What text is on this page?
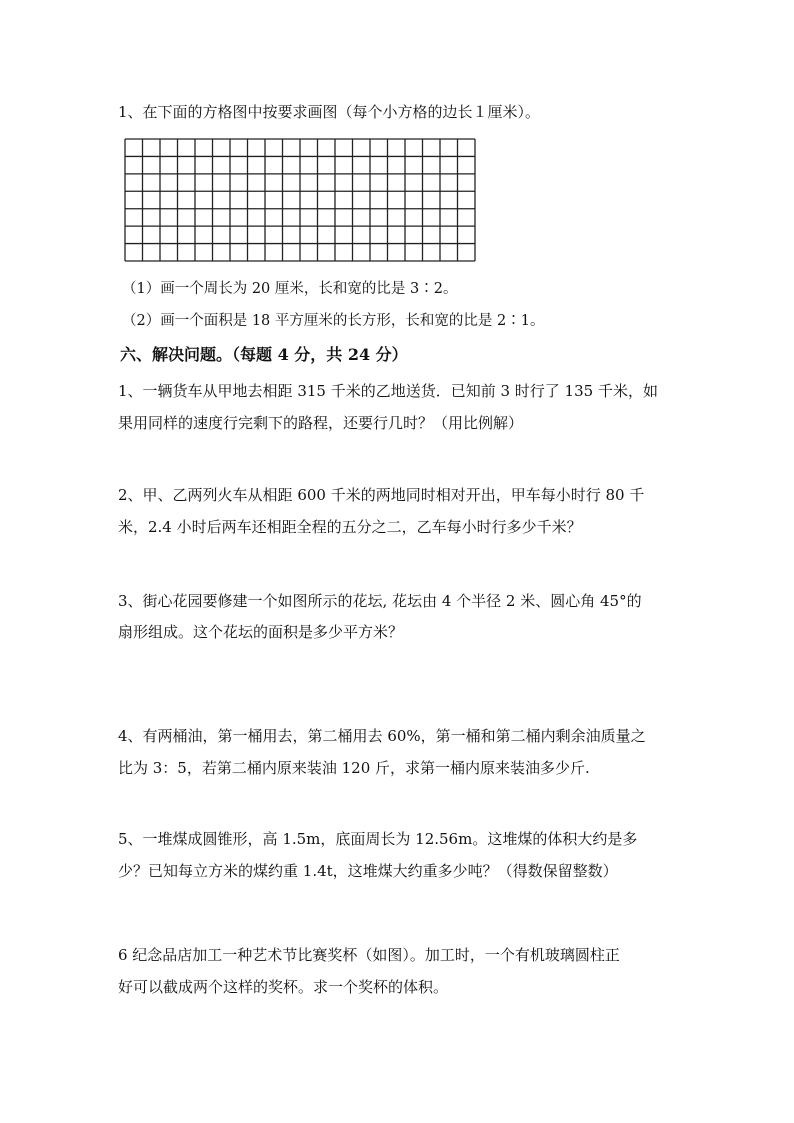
1、在下面的方格图中按要求画图（每个小方格的边长１厘米）。
（1）画一个周长为 20 厘米，长和宽的比是 3∶2。
（2）画一个面积是 18 平方厘米的长方形，长和宽的比是 2∶1。
六、解决问题。（每题 4 分，共 24 分）
1、一辆货车从甲地去相距 315 千米的乙地送货．已知前 3 时行了 135 千米，如
果用同样的速度行完剩下的路程，还要行几时？（用比例解）
2、甲、乙两列火车从相距 600 千米的两地同时相对开出，甲车每小时行 80 千
米，2.4 小时后两车还相距全程的五分之二，乙车每小时行多少千米？
3、街心花园要修建一个如图所示的花坛, 花坛由 4 个半径 2 米、圆心角 45°的
扇形组成。这个花坛的面积是多少平方米？
4、有两桶油，第一桶用去，第二桶用去 60%，第一桶和第二桶内剩余油质量之
比为 3：5，若第二桶内原来装油 120 斤，求第一桶内原来装油多少斤.
5、一堆煤成圆锥形，高 1.5m，底面周长为 12.56m。这堆煤的体积大约是多
少？已知每立方米的煤约重 1.4t，这堆煤大约重多少吨？（得数保留整数）
6 纪念品店加工一种艺术节比赛奖杯（如图）。加工时，一个有机玻璃圆柱正
好可以截成两个这样的奖杯。求一个奖杯的体积。
